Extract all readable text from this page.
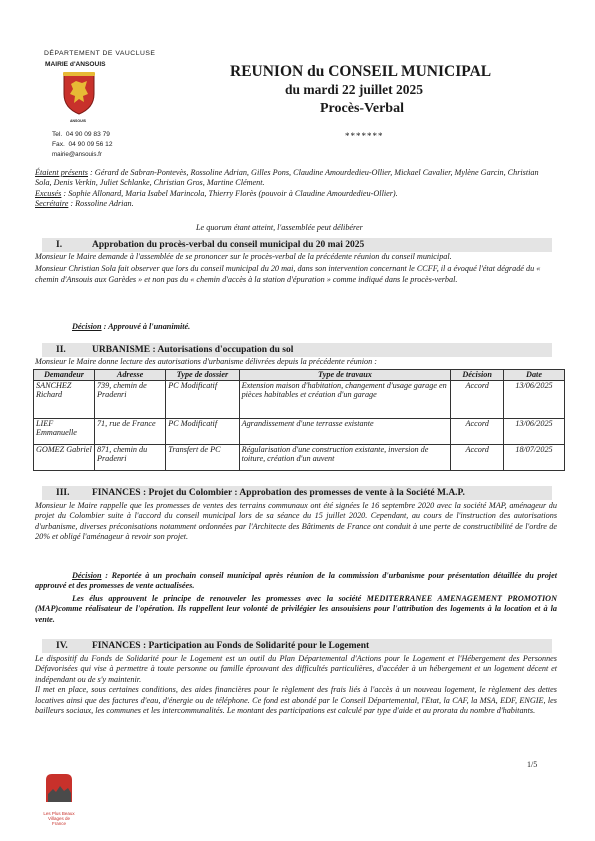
DÉPARTEMENT DE VAUCLUSE
MAIRIE d'ANSOUIS
ANSOUIS
Tel.  04 90 09 83 79
Fax.  04 90 09 56 12
mairie@ansouis.fr
REUNION du CONSEIL MUNICIPAL
du mardi 22 juillet 2025
Procès-Verbal
*******
Étaient présents : Gérard de Sabran-Pontevès, Rossoline Adrian, Gilles Pons, Claudine Amourdedieu-Ollier, Mickael Cavalier, Mylène Garcin, Christian Sola, Denis Verkin, Juliet Schlanke, Christian Gros, Martine Clément.
Excusés : Sophie Allonard, Maria Isabel Marincola, Thierry Florès (pouvoir à Claudine Amourdedieu-Ollier).
Secrétaire : Rossoline Adrian.
Le quorum étant atteint, l'assemblée peut délibérer
I.	Approbation du procès-verbal du conseil municipal du 20 mai 2025
Monsieur le Maire demande à l'assemblée de se prononcer sur le procès-verbal de la précédente réunion du conseil municipal.
Monsieur Christian Sola fait observer que lors du conseil municipal du 20 mai, dans son intervention concernant le CCFF, il a évoqué l'état dégradé du « chemin d'Ansouis aux Garèdes » et non pas du « chemin d'accès à la station d'épuration » comme indiqué dans le procès-verbal.
Décision : Approuvé à l'unanimité.
II.	URBANISME : Autorisations d'occupation du sol
Monsieur le Maire donne lecture des autorisations d'urbanisme délivrées depuis la précédente réunion :
Demandeur	Adresse	Type de dossier	Type de travaux	Décision	Date
SANCHEZ Richard	739, chemin de Pradenri	PC Modificatif	Extension maison d'habitation, changement d'usage garage en pièces habitables et création d'un garage	Accord	13/06/2025
LIEF Emmanuelle	71, rue de France	PC Modificatif	Agrandissement d'une terrasse existante	Accord	13/06/2025
GOMEZ Gabriel	871, chemin du Pradenri	Transfert de PC	Régularisation d'une construction existante, inversion de toiture, création d'un auvent	Accord	18/07/2025
III. FINANCES : Projet du Colombier : Approbation des promesses de vente à la Société M.A.P.
Monsieur le Maire rappelle que les promesses de ventes des terrains communaux ont été signées le 16 septembre 2020 avec la société MAP, aménageur du projet du Colombier suite à l'accord du conseil municipal lors de sa séance du 15 juillet 2020. Cependant, au cours de l'instruction des autorisations d'urbanisme, diverses préconisations notamment ordonnées par l'Architecte des Bâtiments de France ont conduit à une perte de constructibilité de l'ordre de 20% et obligé l'aménageur à revoir son projet.
Décision : Reportée à un prochain conseil municipal après réunion de la commission d'urbanisme pour présentation détaillée du projet approuvé et des promesses de vente actualisées.
Les élus approuvent le principe de renouveler les promesses avec la société MEDITERRANEE AMENAGEMENT PROMOTION (MAP)comme réalisateur de l'opération. Ils rappellent leur volonté de privilégier les ansouisiens pour l'attribution des logements à la location et à la vente.
IV.	FINANCES : Participation au Fonds de Solidarité pour le Logement
Le dispositif du Fonds de Solidarité pour le Logement est un outil du Plan Départemental d'Actions pour le Logement et l'Hébergement des Personnes Défavorisées qui vise à permettre à toute personne ou famille éprouvant des difficultés particulières, d'accéder à un hébergement et un logement décent et indépendant ou de s'y maintenir.
Il met en place, sous certaines conditions, des aides financières pour le règlement des frais liés à l'accès à un nouveau logement, le règlement des dettes locatives ainsi que des factures d'eau, d'énergie ou de téléphone. Ce fond est abondé par le Conseil Départemental, l'Etat, la CAF, la MSA, EDF, ENGIE, les bailleurs sociaux, les communes et les intercommunalités. Le montant des participations est calculé par type d'aide et au prorata du nombre d'habitants.
Les Plus Beaux Villages de France
1/5
